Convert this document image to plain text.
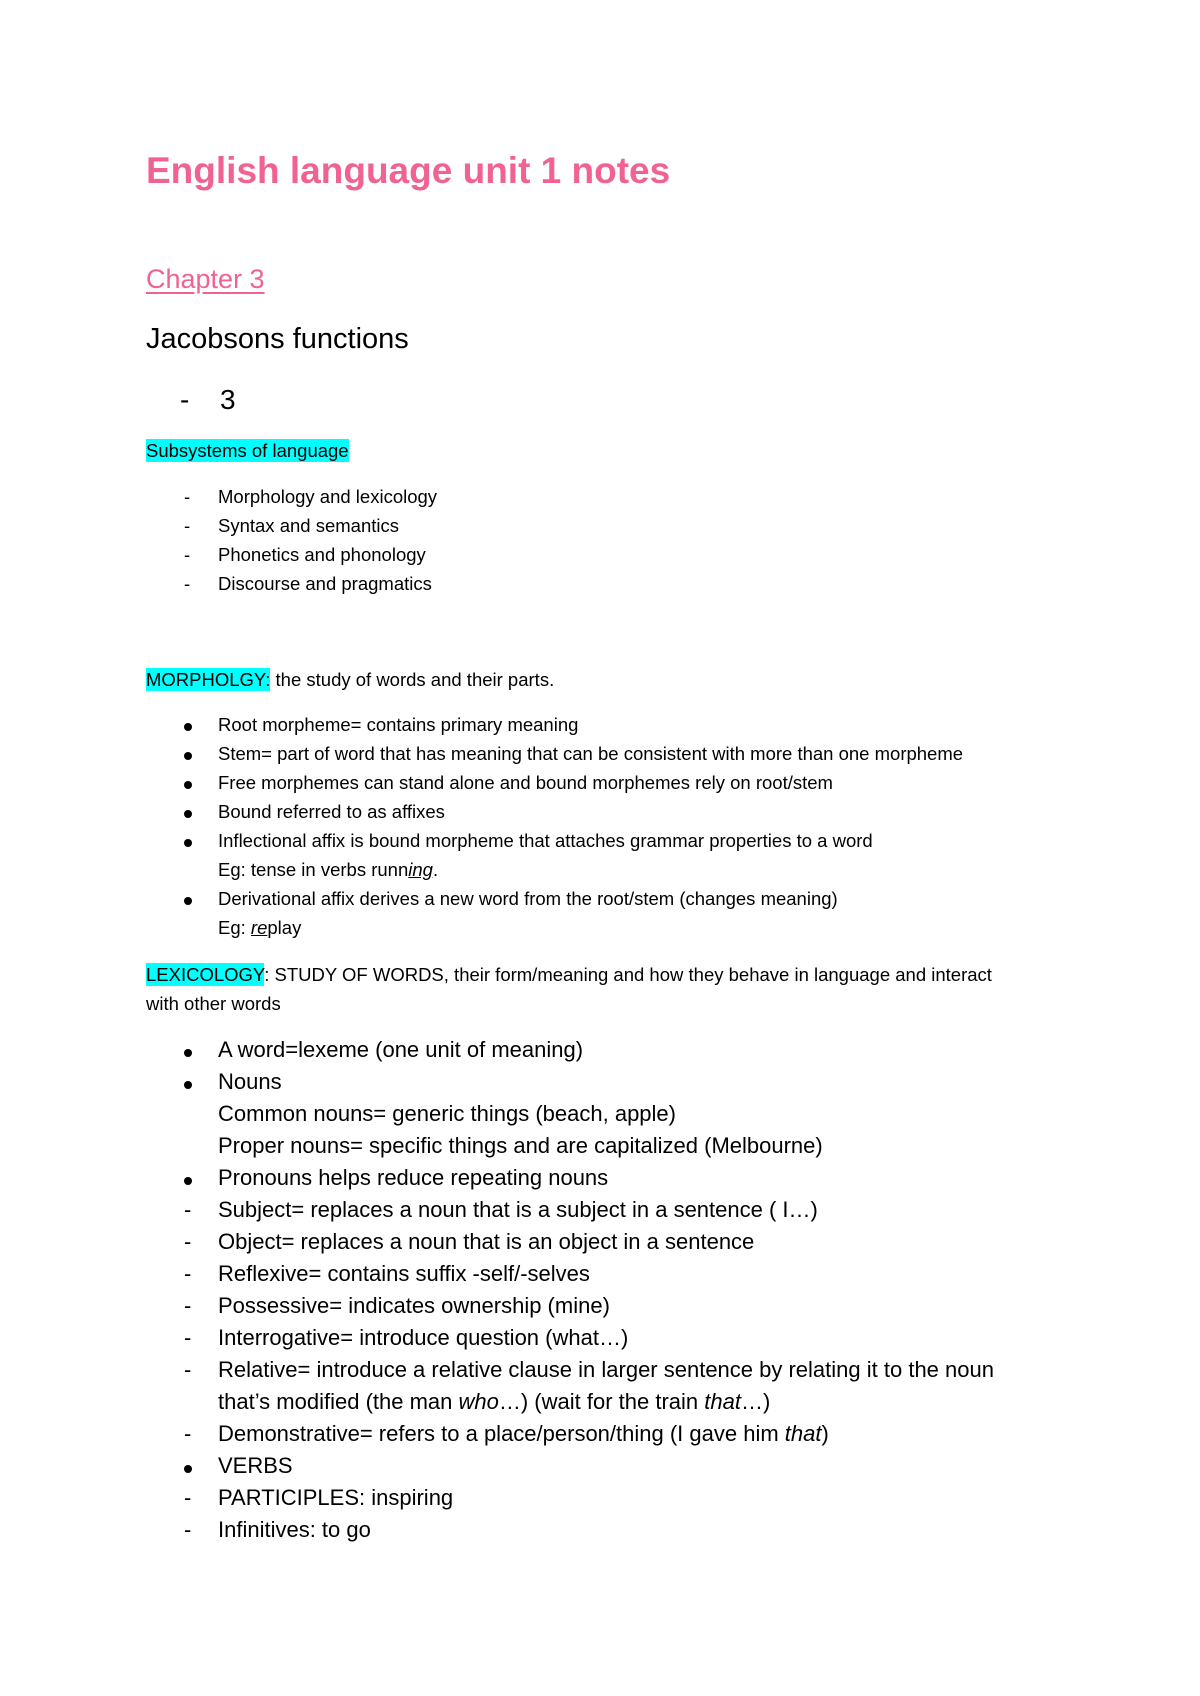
English language unit 1 notes
Chapter 3
Jacobsons functions
- 3
Subsystems of language
-	Morphology and lexicology
-	Syntax and semantics
-	Phonetics and phonology
-	Discourse and pragmatics
MORPHOLGY: the study of words and their parts.
Root morpheme= contains primary meaning
Stem= part of word that has meaning that can be consistent with more than one morpheme
Free morphemes can stand alone and bound morphemes rely on root/stem
Bound referred to as affixes
Inflectional affix is bound morpheme that attaches grammar properties to a word
Eg: tense in verbs running.
Derivational affix derives a new word from the root/stem (changes meaning)
Eg: replay
LEXICOLOGY: STUDY OF WORDS, their form/meaning and how they behave in language and interact
with other words
A word=lexeme (one unit of meaning)
Nouns
Common nouns= generic things (beach, apple)
Proper nouns= specific things and are capitalized (Melbourne)
Pronouns helps reduce repeating nouns
-	Subject= replaces a noun that is a subject in a sentence ( I…)
-	Object= replaces a noun that is an object in a sentence
-	Reflexive= contains suffix -self/-selves
-	Possessive= indicates ownership (mine)
-	Interrogative= introduce question (what…)
-	Relative= introduce a relative clause in larger sentence by relating it to the noun
that’s modified (the man who…) (wait for the train that…)
-	Demonstrative= refers to a place/person/thing (I gave him that)
VERBS
-	PARTICIPLES: inspiring
-	Infinitives: to go
